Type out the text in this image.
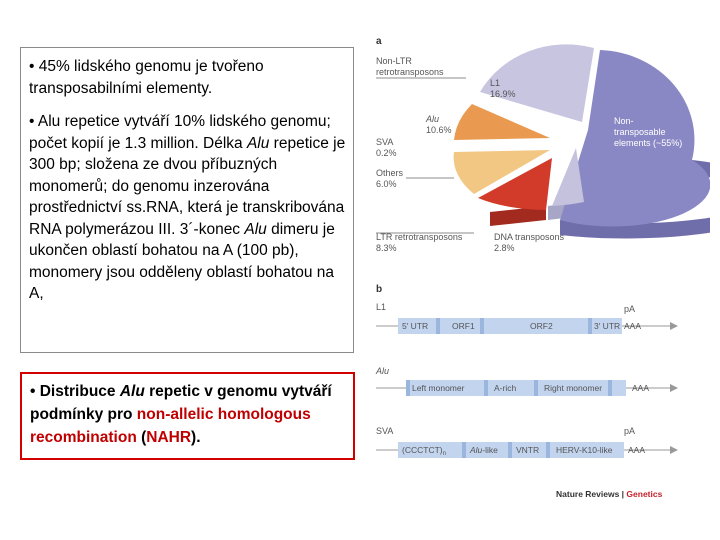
• 45% lidského genomu je tvořeno transposabilními elementy.

• Alu repetice vytváří 10% lidského genomu; počet kopií je 1.3 million. Délka Alu repetice je 300 bp; složena ze dvou příbuzných monomerů; do genomu inzerována prostřednictví ss.RNA, která je transkribována RNA polymerázou III. 3´-konec Alu dimeru je ukončen oblastí bohatou na A (100 pb), monomery jsou odděleny oblastí bohatou na A,

• Distribuce Alu repetic v genomu vytváří podmínky pro non-allelic homologous recombination (NAHR).

a
Non-LTR
retrotransposons
L1
16.9%
Alu
10.6%
SVA
0.2%
Others
6.0%
LTR retrotransposons
8.3%
DNA transposons
2.8%
Non-
transposable
elements (~55%)
b
L1	pA
5′ UTR	ORF1	ORF2	3′ UTR AAA
Alu
Left monomer	A-rich	Right monomer	AAA
SVA	pA
$(CCCTCT)_n$	Alu-like VNTR HERV-K10-like AAA
Nature Reviews | Genetics
